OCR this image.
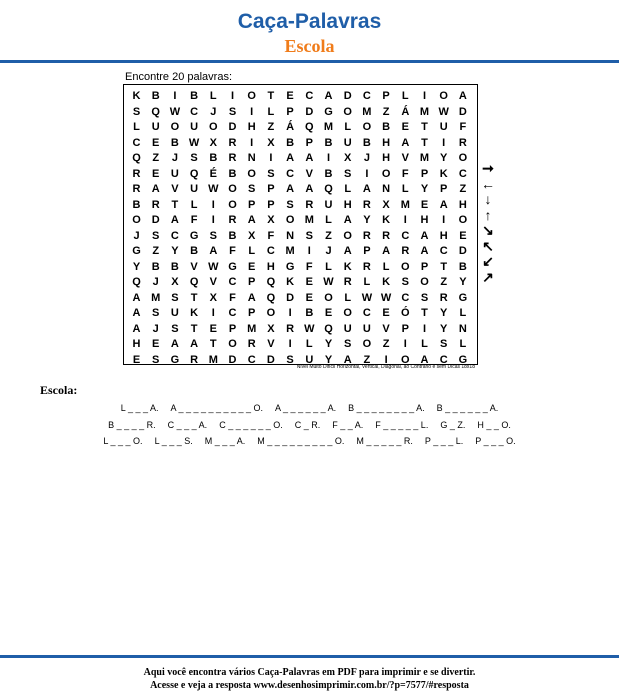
Caça-Palavras
Escola
Encontre 20 palavras:
K	B	I	B	L	I	O	T	E	C	A	D	C	P	L	I	O A
S	Q W C	J	S	I	L	P	D G O M	Z	Á M W D
L	U O U O D	H	Z	Á Q M	L	O B	E	T	U	F
C	E	B W X	R	I	X	B	P	B	U	B	H	A	T	I	R
Q	Z	J	S	B	R	N	I	A	A	I	X	J	H	V M Y	O
R	E	U Q	É	B O	S	C	V	B	S	I	O	F	P	K	C
R	A	V	U W O	S	P	A	A Q	L	A	N	L	Y	P	Z
B	R	T	L	I	O	P	P	S	R	U	H	R	X M E	A	H
O D	A	F	I	R	A	X	O M	L	A	Y	K	I	H	I	O
J	S	C G	S	B	X	F	N	S	Z	O R	R	C	A	H	E
G	Z	Y	B	A	F	L	C M	I	J	A	P	A	R	A	C	D
Y	B	B	V W G	E	H G	F	L	K	R	L	O	P	T	B
Q	J	X	Q	V	C	P	Q K	E W R	L	K	S	O	Z	Y
A M S	T	X	F	A Q D	E	O	L W W C	S	R G
A	S	U	K	I	C	P	O	I	B	E	O C	E	Ó	T	Y	L
A	J	S	T	E	P M X	R W Q U	U	V	P	I	Y	N
H	E	A	A	T	O R	V	I	L	Y	S	O	Z	I	L	S	L
E	S	G R M D	C	D	S	U	Y	A	Z	I	O A	C G
Nível Muito Difícil Horizontal, Vertical, Diagonal, ao Contrário e sem Dicas 18x18
➞
←
↓
↑
↘
↖
↙
↗
Escola:
L _ _ _ A. A _ _ _ _ _ _ _ _ _ _ O. A _ _ _ _ _ _ A. B _ _ _ _ _ _ _ _ A. B _ _ _ _ _ _ A.
B _ _ _ _ R. C _ _ _ A. C _ _ _ _ _ _ O. C _ R. F _ _ A. F _ _ _ _ _ L. G _ Z. H _ _ O.
L _ _ _ O. L _ _ _ S. M _ _ _ A. M _ _ _ _ _ _ _ _ _ O. M _ _ _ _ _ R. P _ _ _ L. P _ _ _ O.
Aqui você encontra vários Caça-Palavras em PDF para imprimir e se divertir.
Acesse e veja a resposta www.desenhosimprimir.com.br/?p=7577/#resposta
